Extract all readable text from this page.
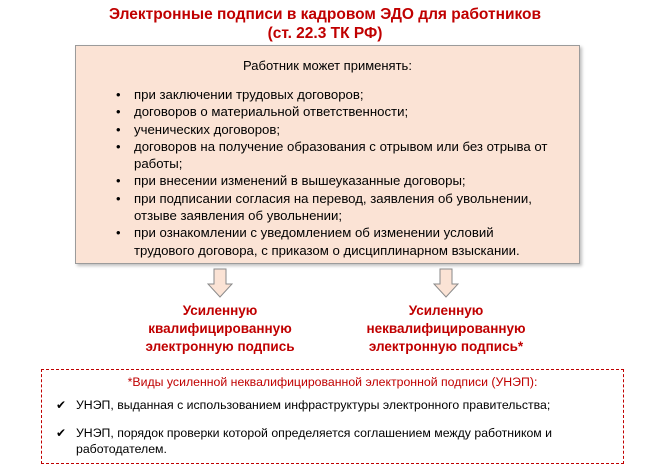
Электронные подписи в кадровом ЭДО для работников
(ст. 22.3 ТК РФ)
Работник может применять:
• при заключении трудовых договоров;
• договоров о материальной ответственности;
• ученических договоров;
• договоров на получение образования с отрывом или без отрыва от работы;
• при внесении изменений в вышеуказанные договоры;
• при подписании согласия на перевод, заявления об увольнении, отзыве заявления об увольнении;
• при ознакомлении с уведомлением об изменении условий трудового договора, с приказом о дисциплинарном взыскании.
Усиленную
квалифицированную
электронную подпись
Усиленную
неквалифицированную
электронную подпись*
*Виды усиленной неквалифицированной электронной подписи (УНЭП):
✔ УНЭП, выданная с использованием инфраструктуры электронного правительства;
✔ УНЭП, порядок проверки которой определяется соглашением между работником и работодателем.
